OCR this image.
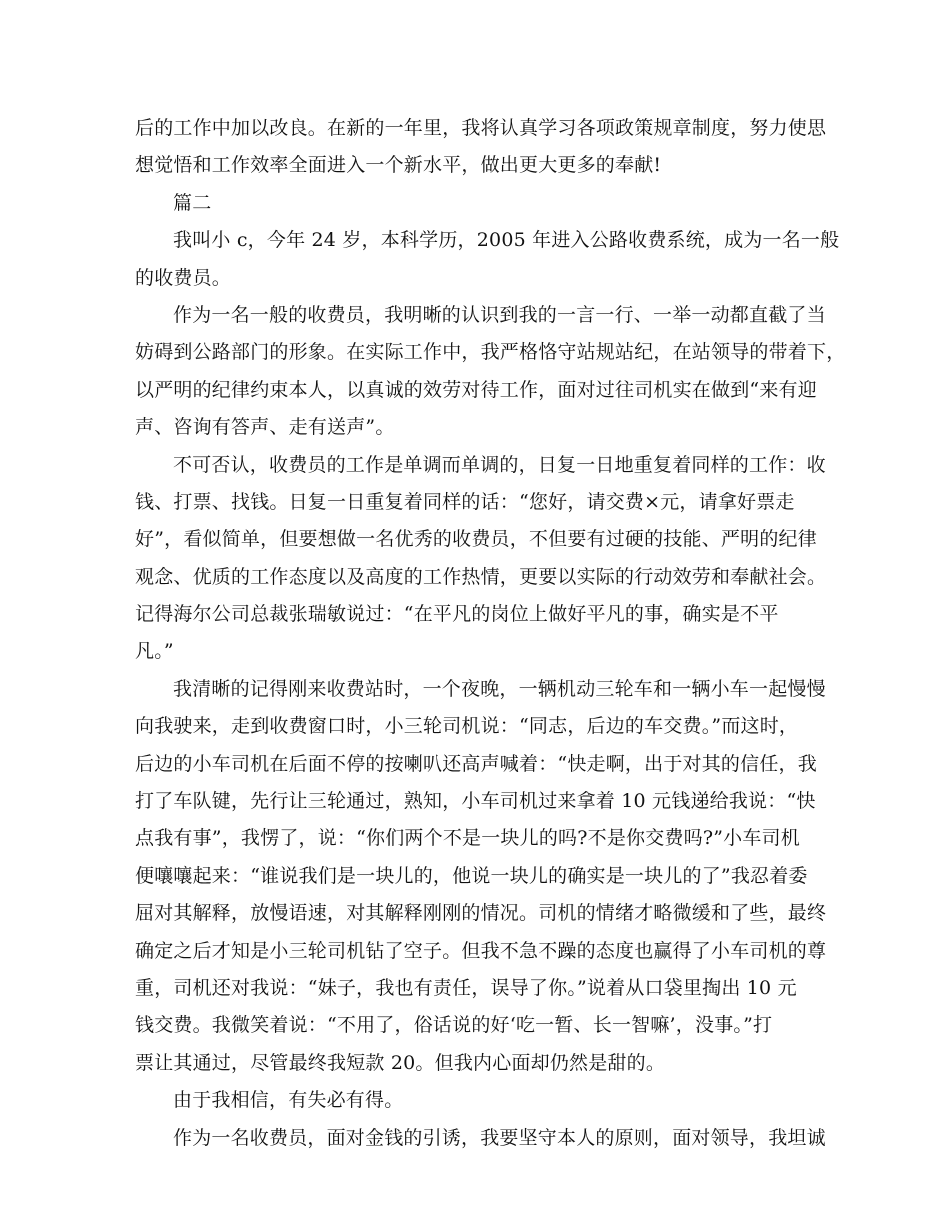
后的工作中加以改良。在新的一年里，我将认真学习各项政策规章制度，努力使思
想觉悟和工作效率全面进入一个新水平，做出更大更多的奉献!
篇二
我叫小 c，今年 24 岁，本科学历，2005 年进入公路收费系统，成为一名一般
的收费员。
作为一名一般的收费员，我明晰的认识到我的一言一行、一举一动都直截了当
妨碍到公路部门的形象。在实际工作中，我严格恪守站规站纪，在站领导的带着下，
以严明的纪律约束本人，以真诚的效劳对待工作，面对过往司机实在做到“来有迎
声、咨询有答声、走有送声”。
不可否认，收费员的工作是单调而单调的，日复一日地重复着同样的工作：收
钱、打票、找钱。日复一日重复着同样的话：“您好，请交费×元，请拿好票走
好”，看似简单，但要想做一名优秀的收费员，不但要有过硬的技能、严明的纪律
观念、优质的工作态度以及高度的工作热情，更要以实际的行动效劳和奉献社会。
记得海尔公司总裁张瑞敏说过：“在平凡的岗位上做好平凡的事，确实是不平
凡。”
我清晰的记得刚来收费站时，一个夜晚，一辆机动三轮车和一辆小车一起慢慢
向我驶来，走到收费窗口时，小三轮司机说：“同志，后边的车交费。”而这时，
后边的小车司机在后面不停的按喇叭还高声喊着：“快走啊，出于对其的信任，我
打了车队键，先行让三轮通过，熟知，小车司机过来拿着 10 元钱递给我说：“快
点我有事”，我愣了，说：“你们两个不是一块儿的吗?不是你交费吗?”小车司机
便嚷嚷起来：“谁说我们是一块儿的，他说一块儿的确实是一块儿的了”我忍着委
屈对其解释，放慢语速，对其解释刚刚的情况。司机的情绪才略微缓和了些，最终
确定之后才知是小三轮司机钻了空子。但我不急不躁的态度也赢得了小车司机的尊
重，司机还对我说：“妹子，我也有责任，误导了你。”说着从口袋里掏出 10 元
钱交费。我微笑着说：“不用了，俗话说的好‘吃一暂、长一智嘛’，没事。”打
票让其通过，尽管最终我短款 20。但我内心面却仍然是甜的。
由于我相信，有失必有得。
作为一名收费员，面对金钱的引诱，我要坚守本人的原则，面对领导，我坦诚
